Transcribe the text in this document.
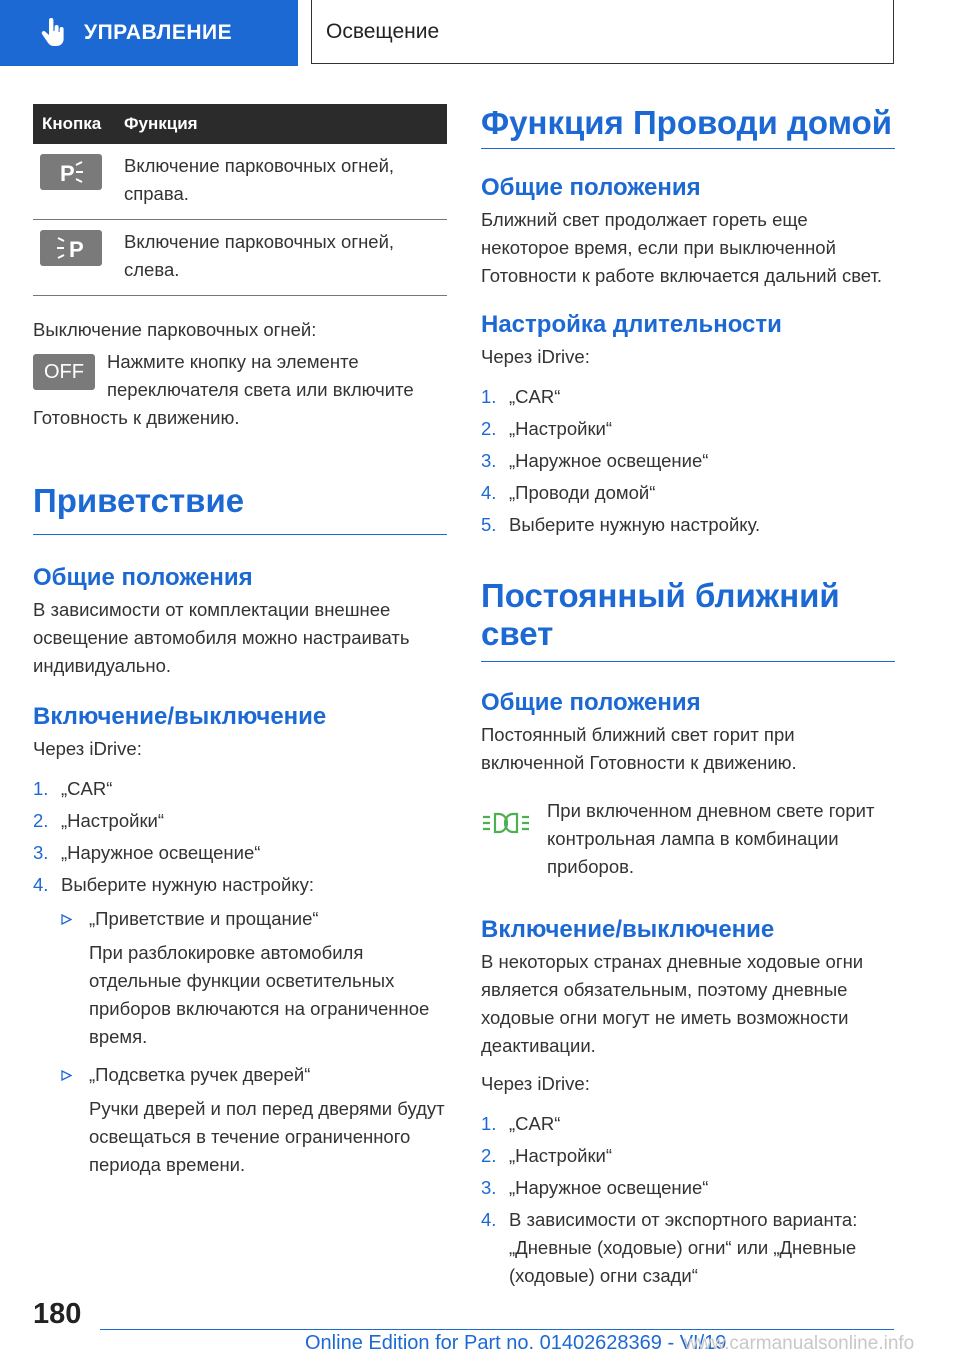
УПРАВЛЕНИЕ	Освещение
Кнопка	Функция

P	Включение парковочных огней, справа.

P	Включение парковочных огней, слева.

Выключение парковочных огней:

OFF	Нажмите кнопку на элементе переключателя света или включите Готовность к движению.

Приветствие
Общие положения

В зависимости от комплектации внешнее освещение автомобиля можно настраивать индивидуально.

Включение/выключение

Через iDrive:

1. „CAR“
2. „Настройки“
3. „Наружное освещение“
4. Выберите нужную настройку:
„Приветствие и прощание“
При разблокировке автомобиля отдельные функции осветительных приборов включаются на ограниченное время.
„Подсветка ручек дверей“
Ручки дверей и пол перед дверями будут освещаться в течение ограниченного периода времени.
Функция Проводи домой
Общие положения

Ближний свет продолжает гореть еще некоторое время, если при выключенной Готовности к работе включается дальний свет.

Настройка длительности

Через iDrive:

1. „CAR“
2. „Настройки“
3. „Наружное освещение“
4. „Проводи домой“
5. Выберите нужную настройку.
Постоянный ближний свет
Общие положения

Постоянный ближний свет горит при включенной Готовности к движению.

При включенном дневном свете горит контрольная лампа в комбинации приборов.
Включение/выключение

В некоторых странах дневные ходовые огни является обязательным, поэтому дневные ходовые огни могут не иметь возможности деактивации.

Через iDrive:

1. „CAR“
2. „Настройки“
3. „Наружное освещение“
4. В зависимости от экспортного варианта: „Дневные (ходовые) огни“ или „Дневные (ходовые) огни сзади“
180
Online Edition for Part no. 01402628369 - VI/19
www.carmanualsonline.info
